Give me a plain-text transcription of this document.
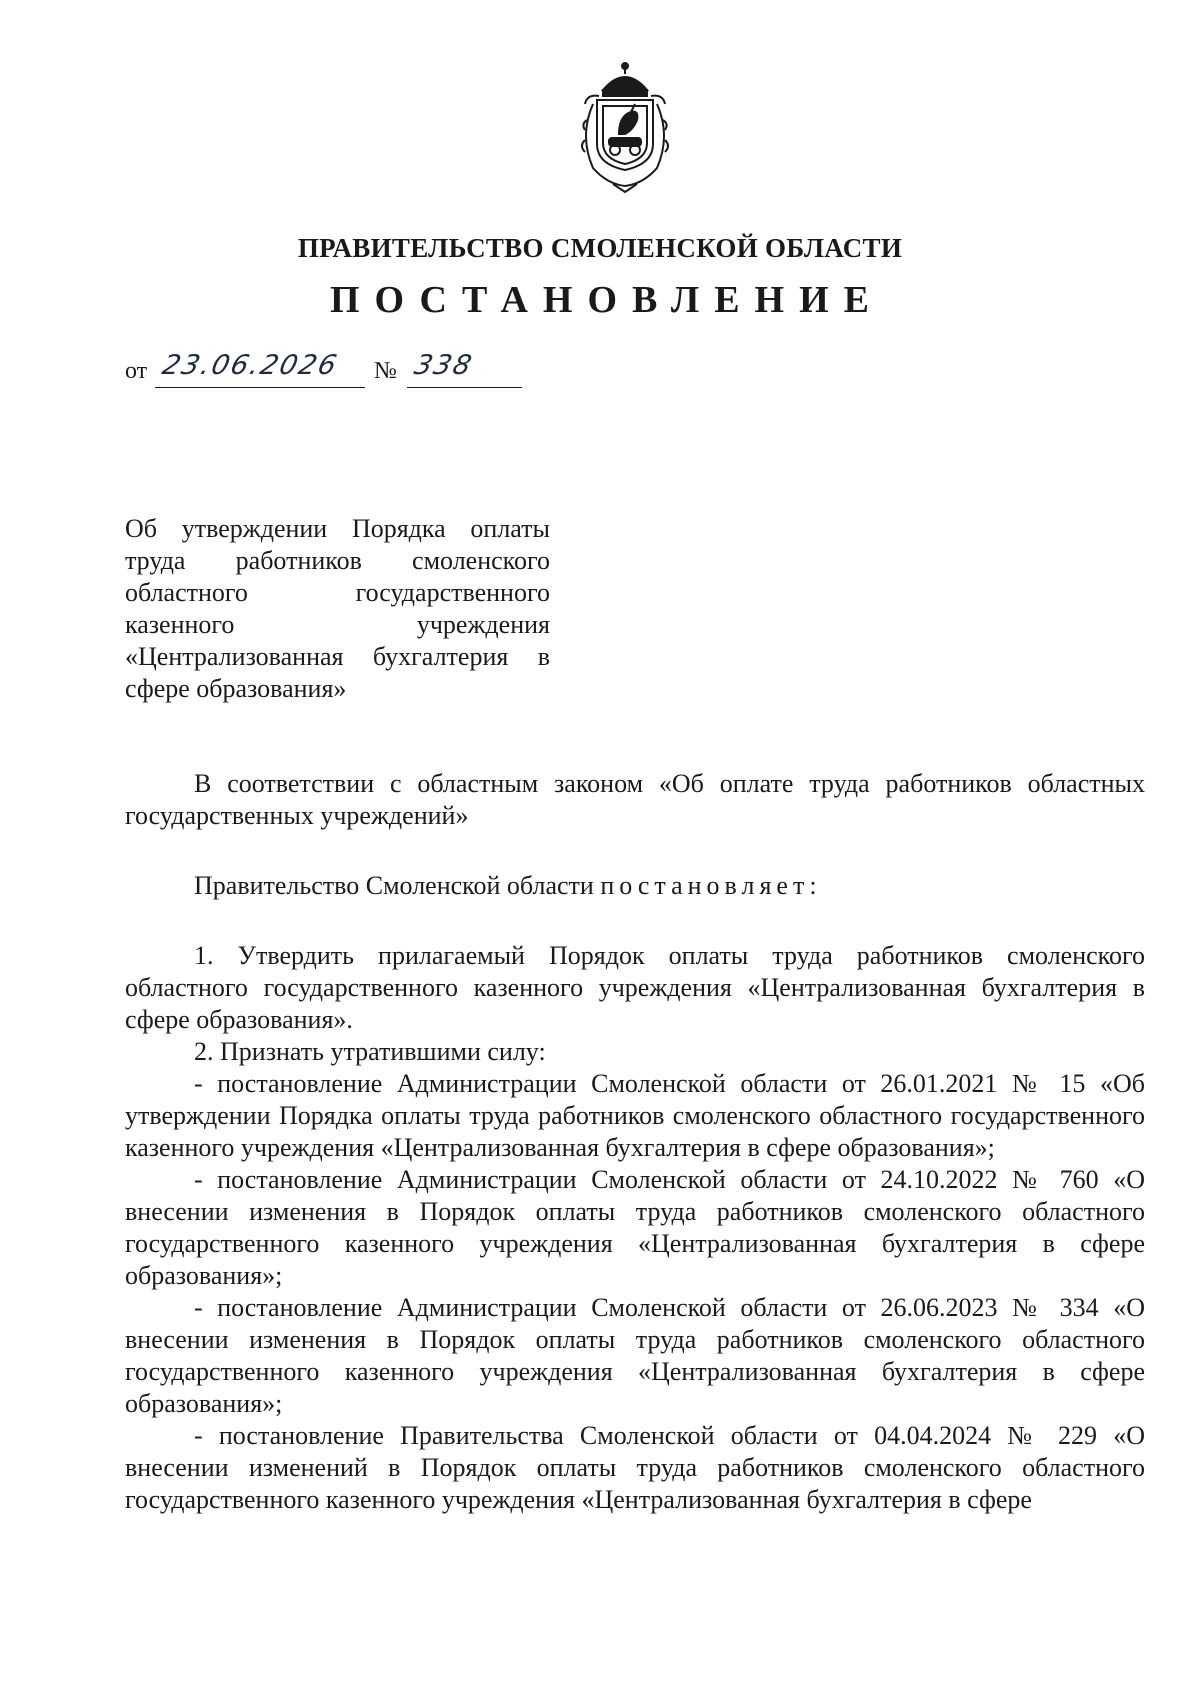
ПРАВИТЕЛЬСТВО СМОЛЕНСКОЙ ОБЛАСТИ
ПОСТАНОВЛЕНИЕ
от 23.06.2026 № 338

Об утверждении Порядка оплаты труда работников смоленского областного государственного казенного учреждения «Централизованная бухгалтерия в сфере образования»

В соответствии с областным законом «Об оплате труда работников областных государственных учреждений»

Правительство Смоленской области постановляет:

1. Утвердить прилагаемый Порядок оплаты труда работников смоленского областного государственного казенного учреждения «Централизованная бухгалтерия в сфере образования».

2. Признать утратившими силу:

- постановление Администрации Смоленской области от 26.01.2021 № 15 «Об утверждении Порядка оплаты труда работников смоленского областного государственного казенного учреждения «Централизованная бухгалтерия в сфере образования»;

- постановление Администрации Смоленской области от 24.10.2022 № 760 «О внесении изменения в Порядок оплаты труда работников смоленского областного государственного казенного учреждения «Централизованная бухгалтерия в сфере образования»;

- постановление Администрации Смоленской области от 26.06.2023 № 334 «О внесении изменения в Порядок оплаты труда работников смоленского областного государственного казенного учреждения «Централизованная бухгалтерия в сфере образования»;

- постановление Правительства Смоленской области от 04.04.2024 № 229 «О внесении изменений в Порядок оплаты труда работников смоленского областного государственного казенного учреждения «Централизованная бухгалтерия в сфере
